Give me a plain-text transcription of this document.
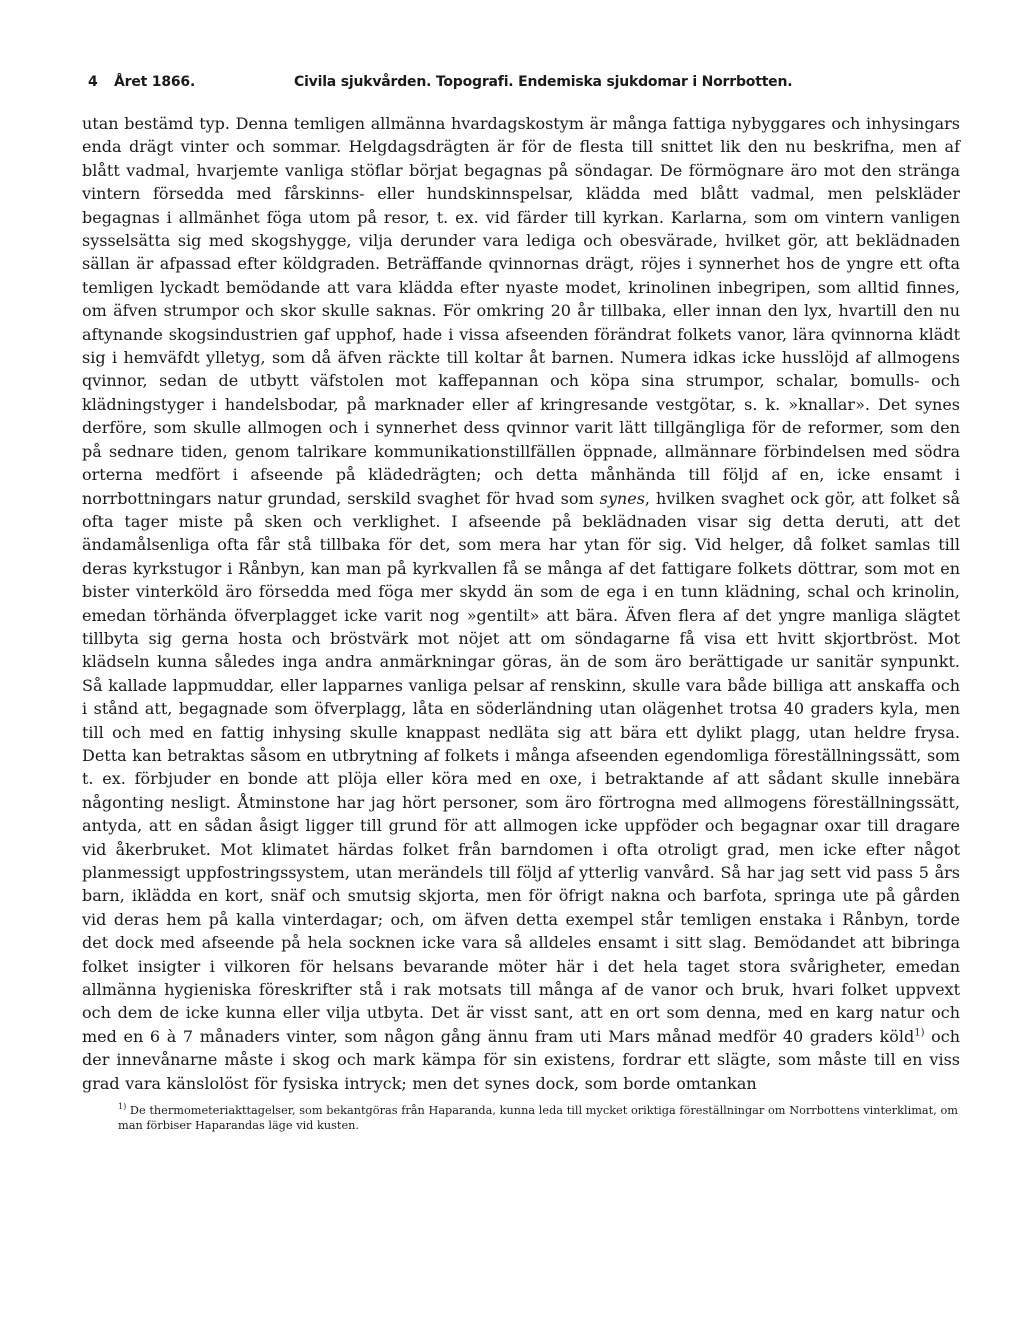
4 Året 1866.	Civila sjukvården. Topografi. Endemiska sjukdomar i Norrbotten.
utan bestämd typ. Denna temligen allmänna hvardagskostym är många fattiga nybyggares och inhysingars enda drägt vinter och sommar. Helgdagsdrägten är för de flesta till snittet lik den nu beskrifna, men af blått vadmal, hvarjemte vanliga stöflar börjat begagnas på söndagar. De förmögnare äro mot den stränga vintern försedda med fårskinns- eller hundskinnspelsar, klädda med blått vadmal, men pelskläder begagnas i allmänhet föga utom på resor, t. ex. vid färder till kyrkan. Karlarna, som om vintern vanligen sysselsätta sig med skogshygge, vilja derunder vara lediga och obesvärade, hvilket gör, att beklädnaden sällan är afpassad efter köldgraden. Beträffande qvinnornas drägt, röjes i synnerhet hos de yngre ett ofta temligen lyckadt bemödande att vara klädda efter nyaste modet, krinolinen inbegripen, som alltid finnes, om äfven strumpor och skor skulle saknas. För omkring 20 år tillbaka, eller innan den lyx, hvartill den nu aftynande skogsindustrien gaf upphof, hade i vissa afseenden förändrat folkets vanor, lära qvinnorna klädt sig i hemväfdt ylletyg, som då äfven räckte till koltar åt barnen. Numera idkas icke husslöjd af allmogens qvinnor, sedan de utbytt väfstolen mot kaffepannan och köpa sina strumpor, schalar, bomulls- och klädningstyger i handelsbodar, på marknader eller af kringresande vestgötar, s. k. »knallar». Det synes derföre, som skulle allmogen och i synnerhet dess qvinnor varit lätt tillgängliga för de reformer, som den på sednare tiden, genom talrikare kommunikationstillfällen öppnade, allmännare förbindelsen med södra orterna medfört i afseende på klädedrägten; och detta månhända till följd af en, icke ensamt i norrbottningars natur grundad, serskild svaghet för hvad som synes, hvilken svaghet ock gör, att folket så ofta tager miste på sken och verklighet. I afseende på beklädnaden visar sig detta deruti, att det ändamålsenliga ofta får stå tillbaka för det, som mera har ytan för sig. Vid helger, då folket samlas till deras kyrkstugor i Rånbyn, kan man på kyrkvallen få se många af det fattigare folkets döttrar, som mot en bister vinterköld äro försedda med föga mer skydd än som de ega i en tunn klädning, schal och krinolin, emedan törhända öfverplagget icke varit nog »gentilt» att bära. Äfven flera af det yngre manliga slägtet tillbyta sig gerna hosta och bröstvärk mot nöjet att om söndagarne få visa ett hvitt skjortbröst. Mot klädseln kunna således inga andra anmärkningar göras, än de som äro berättigade ur sanitär synpunkt. Så kallade lappmuddar, eller lapparnes vanliga pelsar af renskinn, skulle vara både billiga att anskaffa och i stånd att, begagnade som öfverplagg, låta en söderländning utan olägenhet trotsa 40 graders kyla, men till och med en fattig inhysing skulle knappast nedläta sig att bära ett dylikt plagg, utan heldre frysa. Detta kan betraktas såsom en utbrytning af folkets i många afseenden egendomliga föreställningssätt, som t. ex. förbjuder en bonde att plöja eller köra med en oxe, i betraktande af att sådant skulle innebära någonting nesligt. Åtminstone har jag hört personer, som äro förtrogna med allmogens föreställningssätt, antyda, att en sådan åsigt ligger till grund för att allmogen icke uppföder och begagnar oxar till dragare vid åkerbruket. Mot klimatet härdas folket från barndomen i ofta otroligt grad, men icke efter något planmessigt uppfostringssystem, utan merändels till följd af ytterlig vanvård. Så har jag sett vid pass 5 års barn, iklädda en kort, snäf och smutsig skjorta, men för öfrigt nakna och barfota, springa ute på gården vid deras hem på kalla vinterdagar; och, om äfven detta exempel står temligen enstaka i Rånbyn, torde det dock med afseende på hela socknen icke vara så alldeles ensamt i sitt slag. Bemödandet att bibringa folket insigter i vilkoren för helsans bevarande möter här i det hela taget stora svårigheter, emedan allmänna hygieniska föreskrifter stå i rak motsats till många af de vanor och bruk, hvari folket uppvext och dem de icke kunna eller vilja utbyta. Det är visst sant, att en ort som denna, med en karg natur och med en 6 à 7 månaders vinter, som någon gång ännu fram uti Mars månad medför 40 graders köld$^{1)}$ och der innevånarne måste i skog och mark kämpa för sin existens, fordrar ett slägte, som måste till en viss grad vara känslolöst för fysiska intryck; men det synes dock, som borde omtankan
$^{1)}$ De thermometeriakttagelser, som bekantgöras från Haparanda, kunna leda till mycket oriktiga föreställningar om Norrbottens vinterklimat, om man förbiser Haparandas läge vid kusten.
